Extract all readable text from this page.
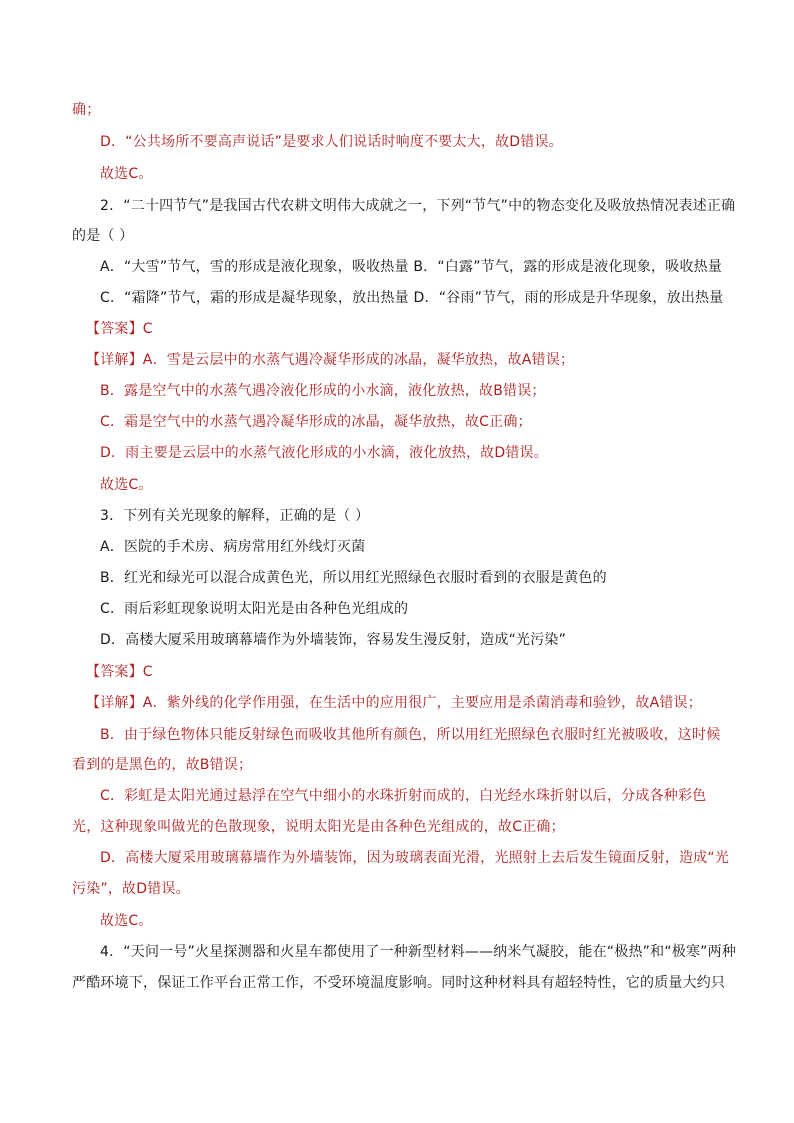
确；
D．“公共场所不要高声说话”是要求人们说话时响度不要太大，故D错误。
故选C。
2．“二十四节气”是我国古代农耕文明伟大成就之一，下列“节气”中的物态变化及吸放热情况表述正确
的是（ ）
A．“大雪”节气，雪的形成是液化现象，吸收热量 B．“白露”节气，露的形成是液化现象，吸收热量
C．“霜降”节气，霜的形成是凝华现象，放出热量 D．“谷雨”节气，雨的形成是升华现象，放出热量
【答案】C
【详解】A．雪是云层中的水蒸气遇冷凝华形成的冰晶，凝华放热，故A错误；
B．露是空气中的水蒸气遇冷液化形成的小水滴，液化放热，故B错误；
C．霜是空气中的水蒸气遇冷凝华形成的冰晶，凝华放热，故C正确；
D．雨主要是云层中的水蒸气液化形成的小水滴，液化放热，故D错误。
故选C。
3．下列有关光现象的解释，正确的是（ ）
A．医院的手术房、病房常用红外线灯灭菌
B．红光和绿光可以混合成黄色光，所以用红光照绿色衣服时看到的衣服是黄色的
C．雨后彩虹现象说明太阳光是由各种色光组成的
D．高楼大厦采用玻璃幕墙作为外墙装饰，容易发生漫反射，造成“光污染”
【答案】C
【详解】A．紫外线的化学作用强，在生活中的应用很广，主要应用是杀菌消毒和验钞，故A错误；
B．由于绿色物体只能反射绿色而吸收其他所有颜色，所以用红光照绿色衣服时红光被吸收，这时候
看到的是黑色的，故B错误；
C．彩虹是太阳光通过悬浮在空气中细小的水珠折射而成的，白光经水珠折射以后，分成各种彩色
光，这种现象叫做光的色散现象，说明太阳光是由各种色光组成的，故C正确；
D．高楼大厦采用玻璃幕墙作为外墙装饰，因为玻璃表面光滑，光照射上去后发生镜面反射，造成“光
污染”，故D错误。
故选C。
4．“天问一号”火星探测器和火星车都使用了一种新型材料——纳米气凝胶，能在“极热”和“极寒”两种
严酷环境下，保证工作平台正常工作，不受环境温度影响。同时这种材料具有超轻特性，它的质量大约只
